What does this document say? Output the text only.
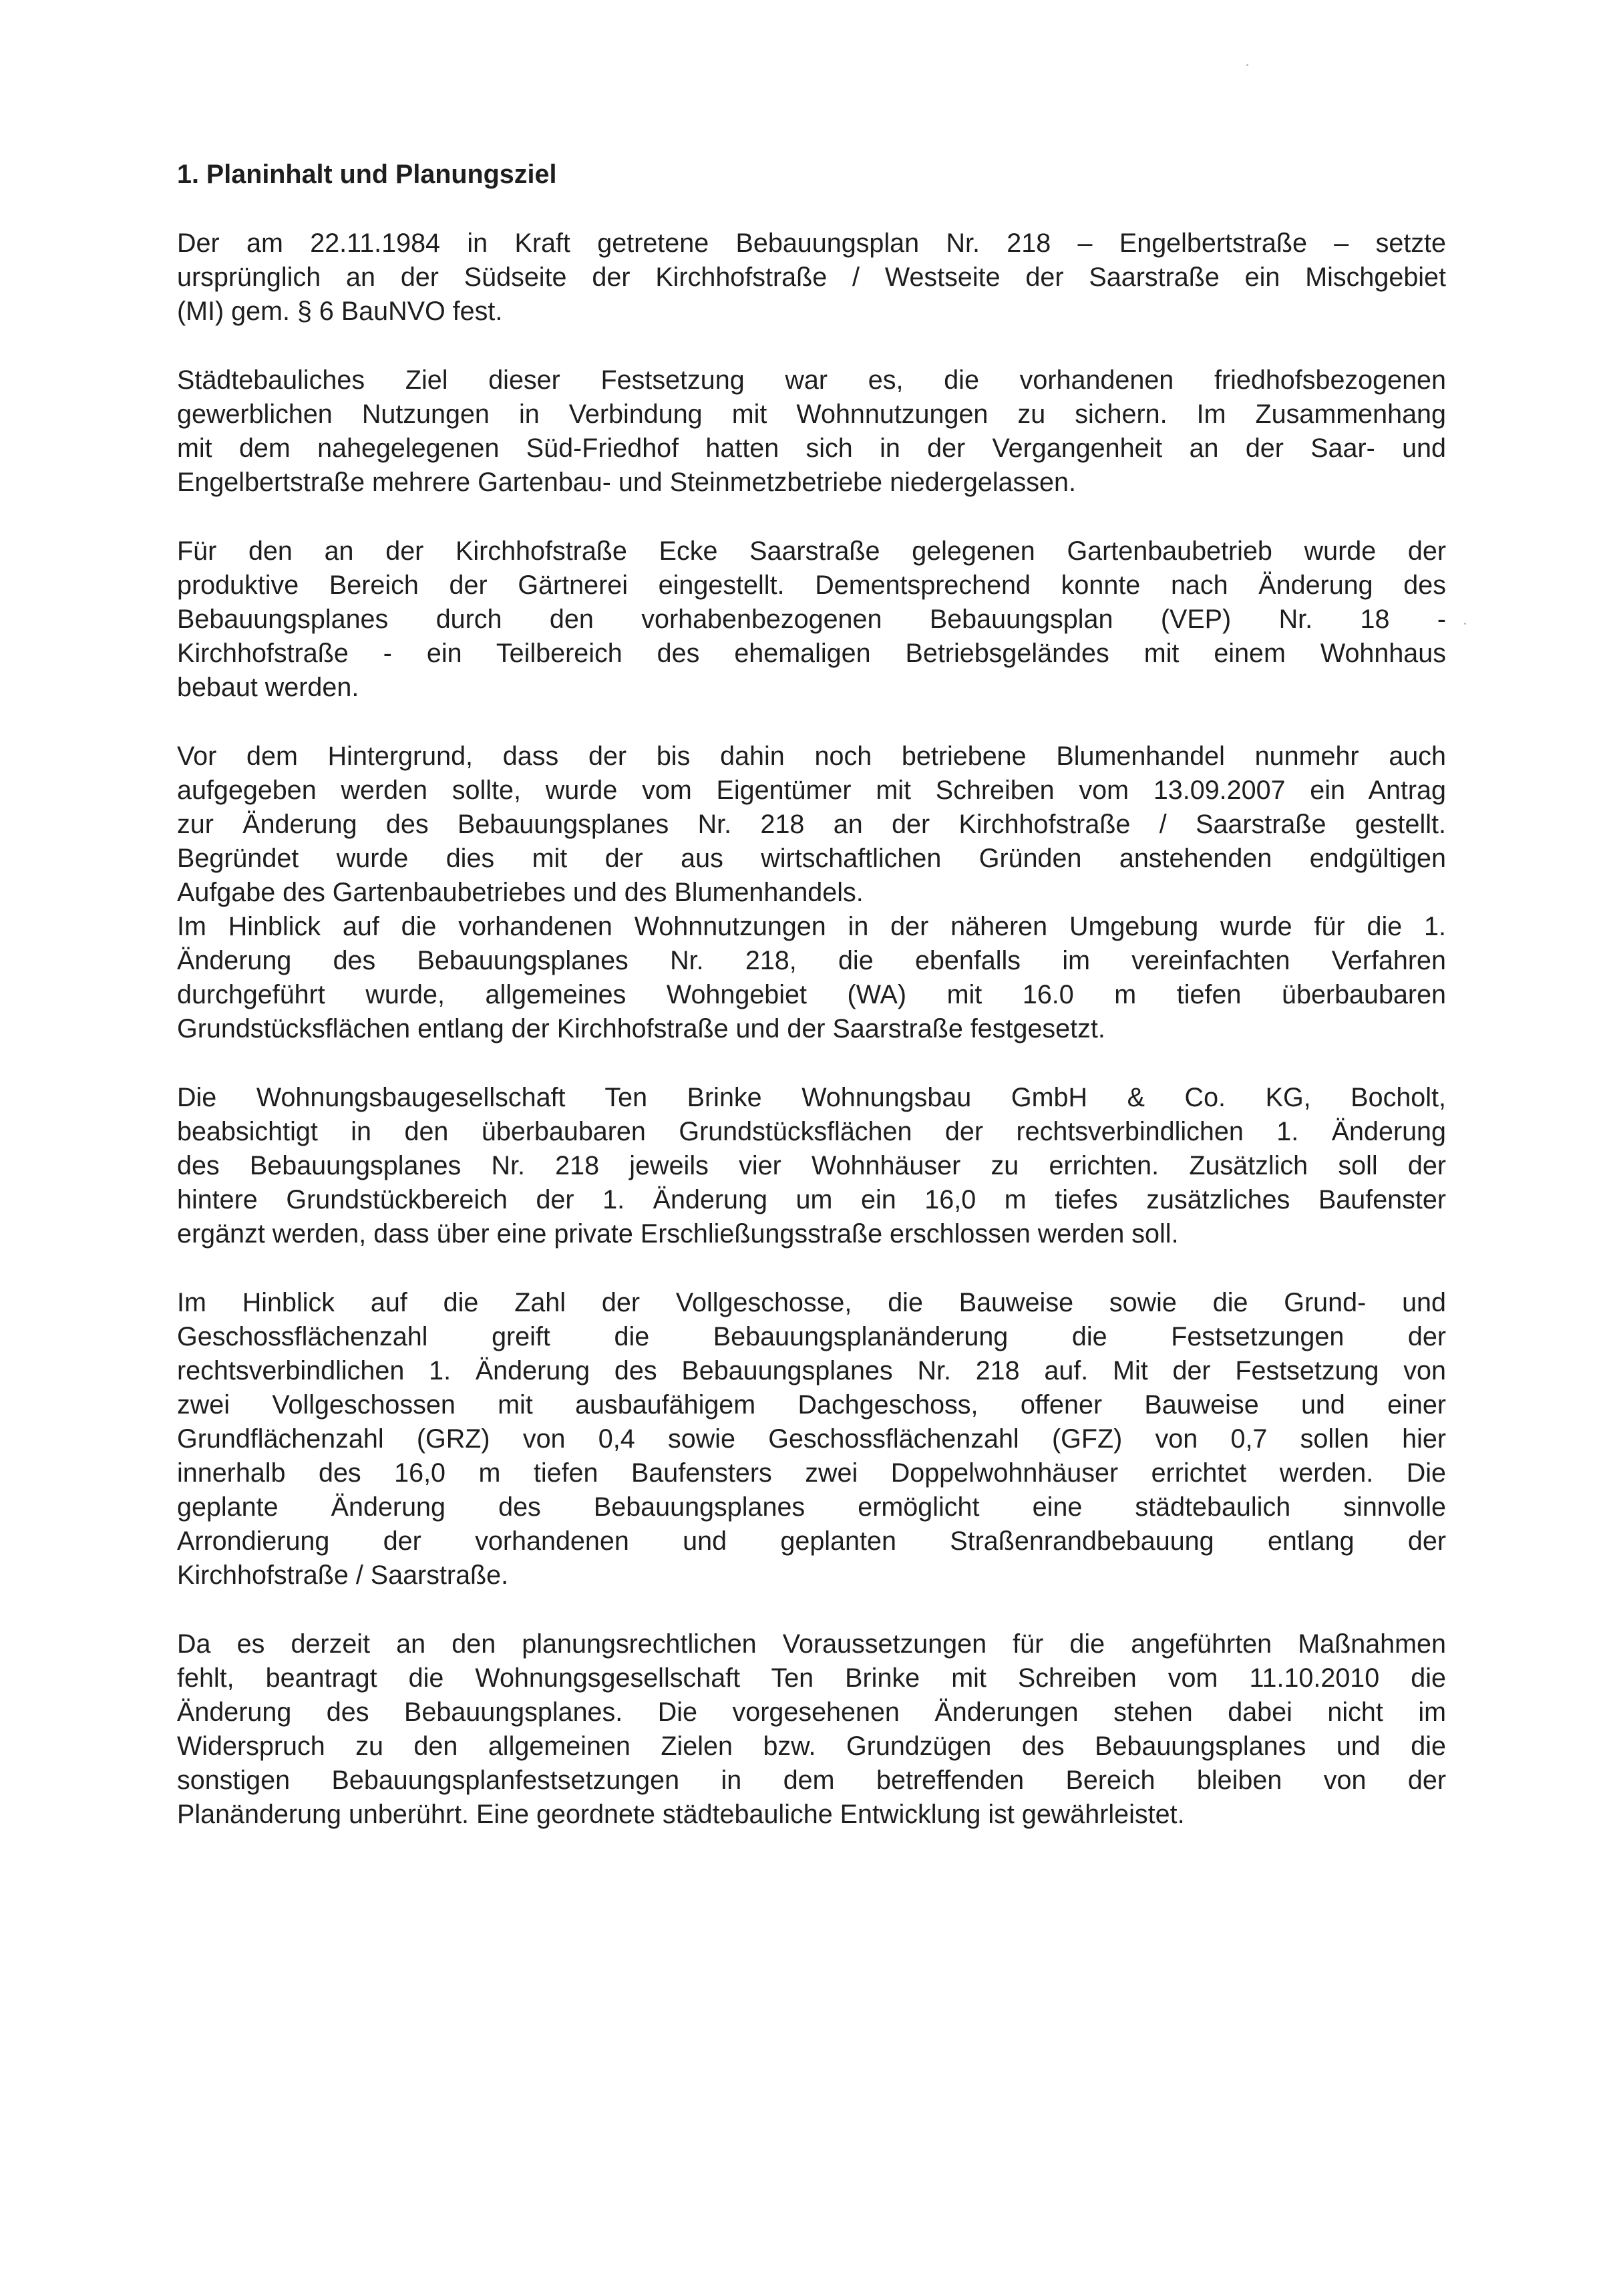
1. Planinhalt und Planungsziel
Der am 22.11.1984 in Kraft getretene Bebauungsplan Nr. 218 – Engelbertstraße – setzte
ursprünglich an der Südseite der Kirchhofstraße / Westseite der Saarstraße ein Mischgebiet
(MI) gem. § 6 BauNVO fest.
Städtebauliches Ziel dieser Festsetzung war es, die vorhandenen friedhofsbezogenen
gewerblichen Nutzungen in Verbindung mit Wohnnutzungen zu sichern. Im Zusammenhang
mit dem nahegelegenen Süd-Friedhof hatten sich in der Vergangenheit an der Saar- und
Engelbertstraße mehrere Gartenbau- und Steinmetzbetriebe niedergelassen.
Für den an der Kirchhofstraße Ecke Saarstraße gelegenen Gartenbaubetrieb wurde der
produktive Bereich der Gärtnerei eingestellt. Dementsprechend konnte nach Änderung des
Bebauungsplanes durch den vorhabenbezogenen Bebauungsplan (VEP) Nr. 18 -
Kirchhofstraße - ein Teilbereich des ehemaligen Betriebsgeländes mit einem Wohnhaus
bebaut werden.
Vor dem Hintergrund, dass der bis dahin noch betriebene Blumenhandel nunmehr auch
aufgegeben werden sollte, wurde vom Eigentümer mit Schreiben vom 13.09.2007 ein Antrag
zur Änderung des Bebauungsplanes Nr. 218 an der Kirchhofstraße / Saarstraße gestellt.
Begründet wurde dies mit der aus wirtschaftlichen Gründen anstehenden endgültigen
Aufgabe des Gartenbaubetriebes und des Blumenhandels.
Im Hinblick auf die vorhandenen Wohnnutzungen in der näheren Umgebung wurde für die 1.
Änderung des Bebauungsplanes Nr. 218, die ebenfalls im vereinfachten Verfahren
durchgeführt wurde, allgemeines Wohngebiet (WA) mit 16.0 m tiefen überbaubaren
Grundstücksflächen entlang der Kirchhofstraße und der Saarstraße festgesetzt.
Die Wohnungsbaugesellschaft Ten Brinke Wohnungsbau GmbH & Co. KG, Bocholt,
beabsichtigt in den überbaubaren Grundstücksflächen der rechtsverbindlichen 1. Änderung
des Bebauungsplanes Nr. 218 jeweils vier Wohnhäuser zu errichten. Zusätzlich soll der
hintere Grundstückbereich der 1. Änderung um ein 16,0 m tiefes zusätzliches Baufenster
ergänzt werden, dass über eine private Erschließungsstraße erschlossen werden soll.
Im Hinblick auf die Zahl der Vollgeschosse, die Bauweise sowie die Grund- und
Geschossflächenzahl greift die Bebauungsplanänderung die Festsetzungen der
rechtsverbindlichen 1. Änderung des Bebauungsplanes Nr. 218 auf. Mit der Festsetzung von
zwei Vollgeschossen mit ausbaufähigem Dachgeschoss, offener Bauweise und einer
Grundflächenzahl (GRZ) von 0,4 sowie Geschossflächenzahl (GFZ) von 0,7 sollen hier
innerhalb des 16,0 m tiefen Baufensters zwei Doppelwohnhäuser errichtet werden. Die
geplante Änderung des Bebauungsplanes ermöglicht eine städtebaulich sinnvolle
Arrondierung der vorhandenen und geplanten Straßenrandbebauung entlang der
Kirchhofstraße / Saarstraße.
Da es derzeit an den planungsrechtlichen Voraussetzungen für die angeführten Maßnahmen
fehlt, beantragt die Wohnungsgesellschaft Ten Brinke mit Schreiben vom 11.10.2010 die
Änderung des Bebauungsplanes. Die vorgesehenen Änderungen stehen dabei nicht im
Widerspruch zu den allgemeinen Zielen bzw. Grundzügen des Bebauungsplanes und die
sonstigen Bebauungsplanfestsetzungen in dem betreffenden Bereich bleiben von der
Planänderung unberührt. Eine geordnete städtebauliche Entwicklung ist gewährleistet.
